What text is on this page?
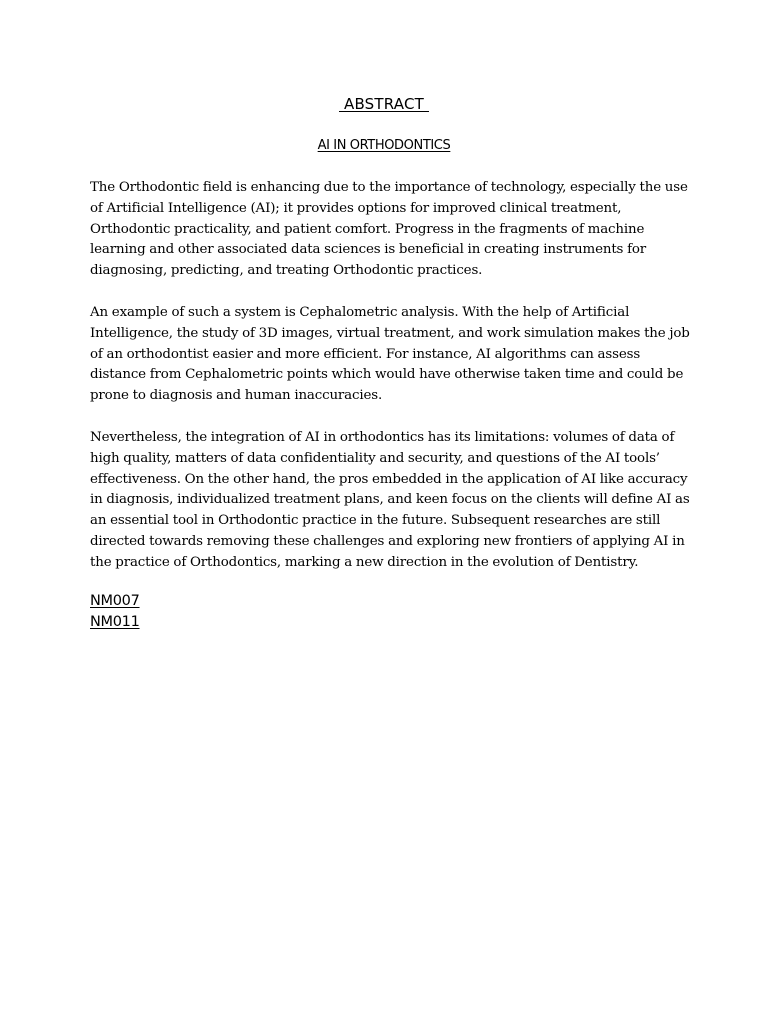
ABSTRACT
AI IN ORTHODONTICS

The Orthodontic field is enhancing due to the importance of technology, especially the use of Artificial Intelligence (AI); it provides options for improved clinical treatment, Orthodontic practicality, and patient comfort. Progress in the fragments of machine learning and other associated data sciences is beneficial in creating instruments for diagnosing, predicting, and treating Orthodontic practices.

An example of such a system is Cephalometric analysis. With the help of Artificial Intelligence, the study of 3D images, virtual treatment, and work simulation makes the job of an orthodontist easier and more efficient. For instance, AI algorithms can assess distance from Cephalometric points which would have otherwise taken time and could be prone to diagnosis and human inaccuracies.

Nevertheless, the integration of AI in orthodontics has its limitations: volumes of data of high quality, matters of data confidentiality and security, and questions of the AI tools’ effectiveness. On the other hand, the pros embedded in the application of AI like accuracy in diagnosis, individualized treatment plans, and keen focus on the clients will define AI as an essential tool in Orthodontic practice in the future. Subsequent researches are still directed towards removing these challenges and exploring new frontiers of applying AI in the practice of Orthodontics, marking a new direction in the evolution of Dentistry.

NM007
NM011
